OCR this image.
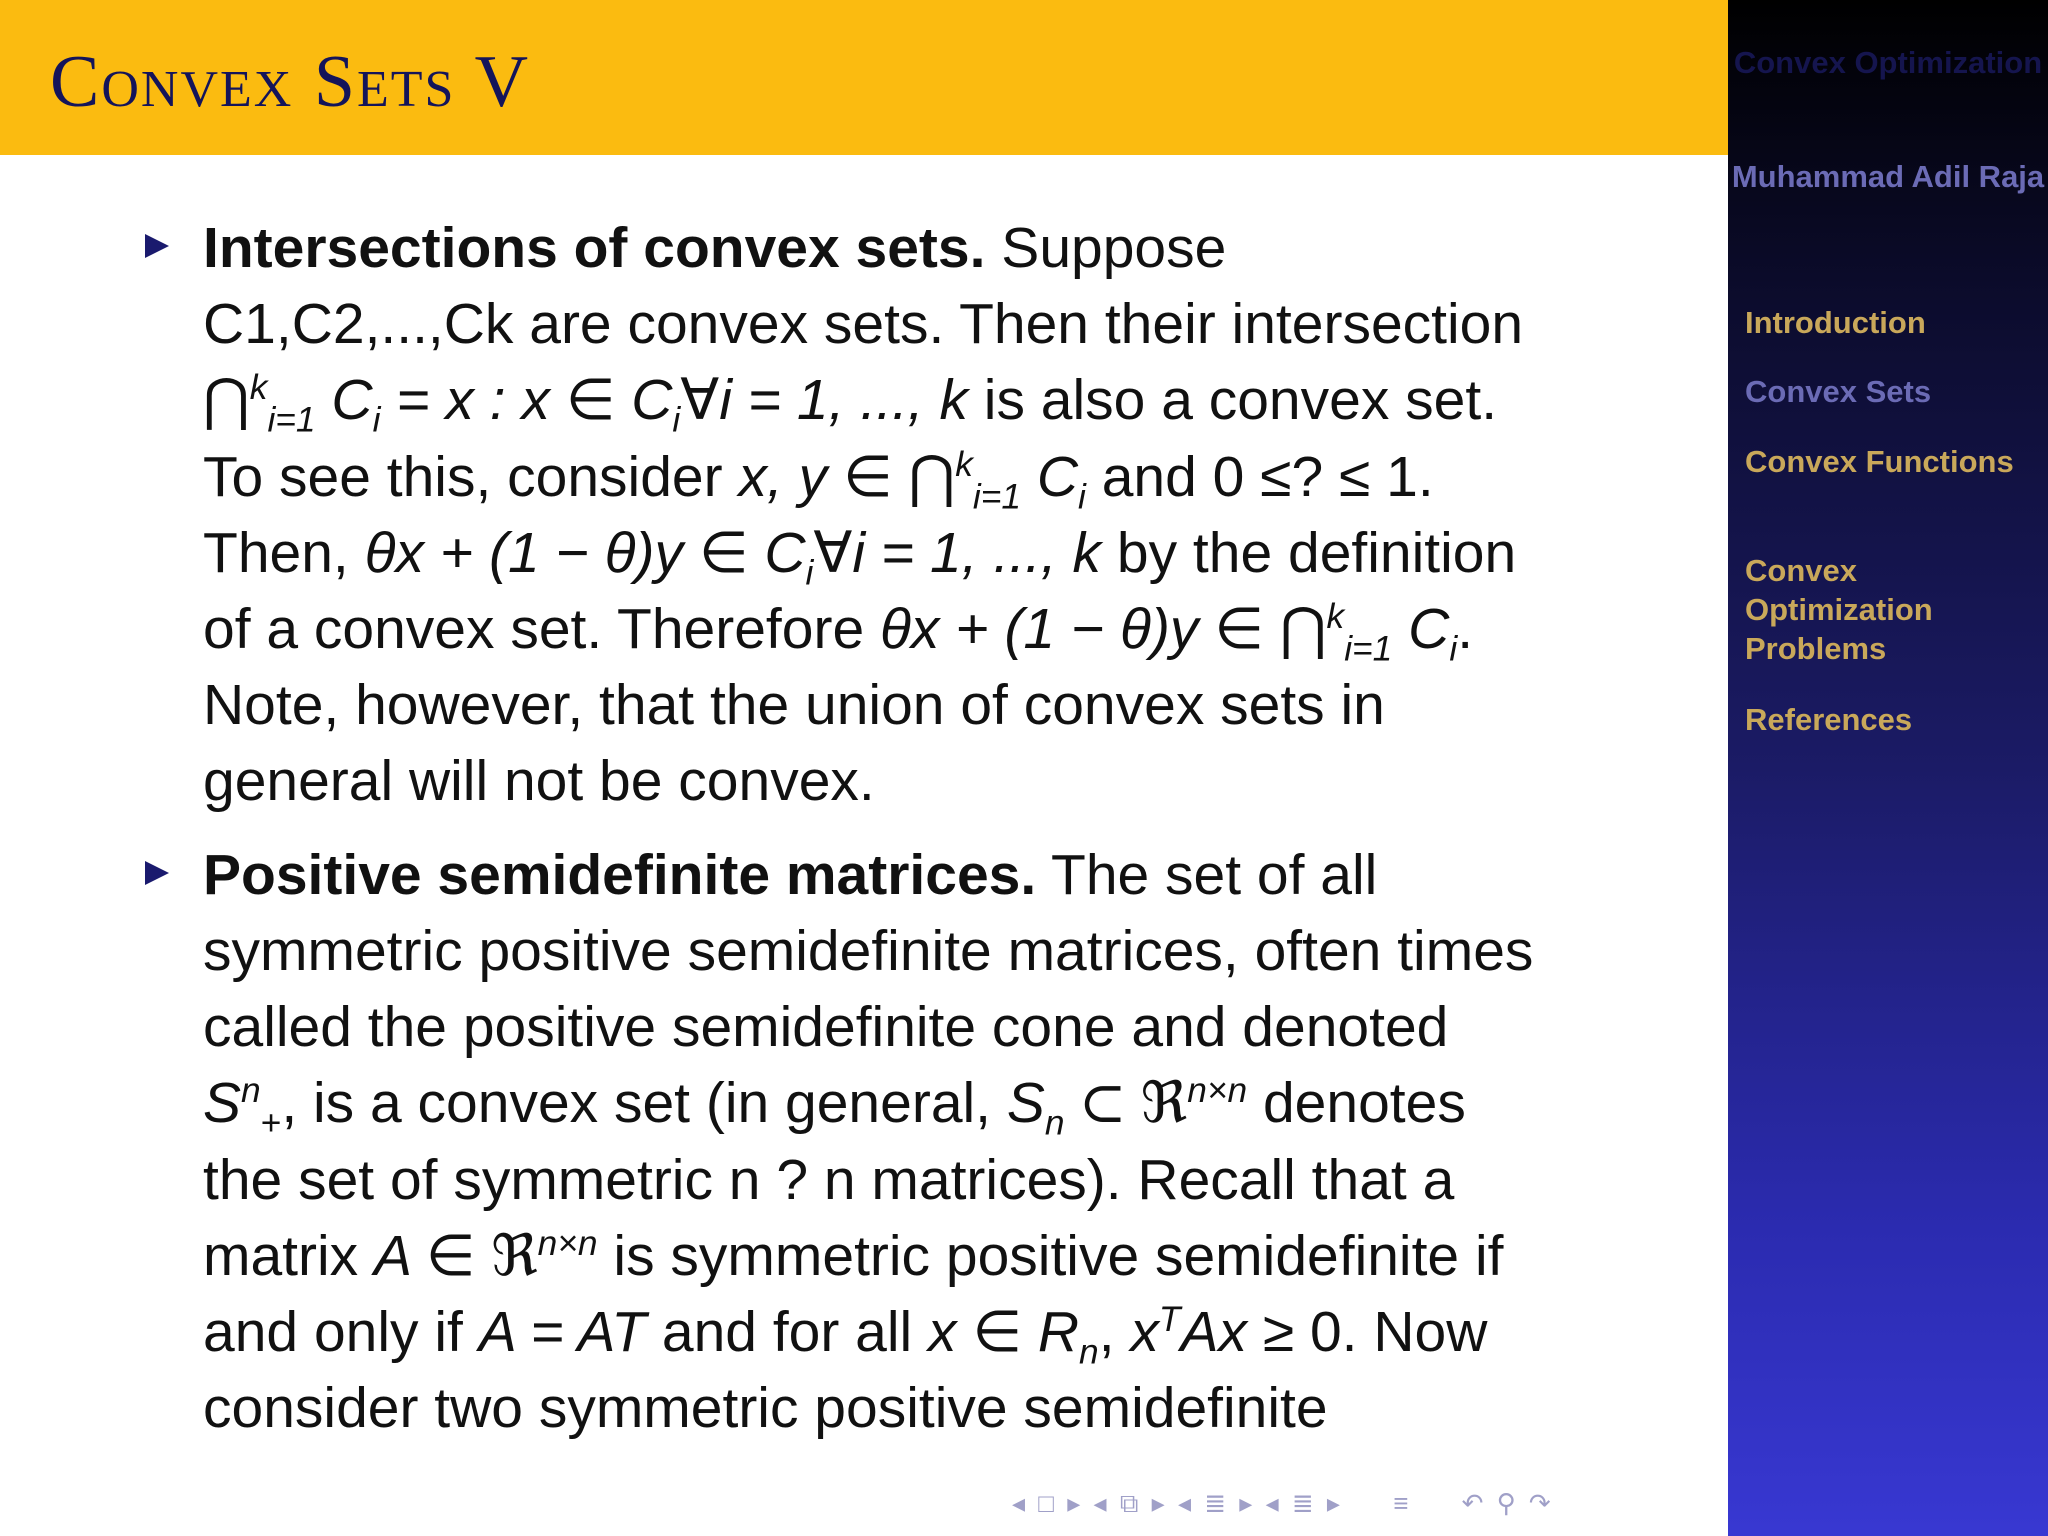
Convex Sets V	Convex Optimization
Muhammad Adil Raja
Introduction
Convex Sets
Convex Functions
Convex Optimization Problems
References
Intersections of convex sets. Suppose
C1,C2,...,Ck are convex sets. Then their intersection
⋂$^k_{i=1}$ $C_i = x$ : x ∈ $C_i\forall i = 1$, ..., k is also a convex set.
To see this, consider x, y ∈ ⋂$^k_{i=1}$ $C_i$ and 0 ≤? ≤ 1.
Then, θx + (1 − θ)y ∈ $C_i\forall i = 1$, ..., k by the definition
of a convex set. Therefore θx + (1 − θ)y ∈ ⋂$^k_{i=1}$ $C_i$.
Note, however, that the union of convex sets in
general will not be convex.
Positive semidefinite matrices. The set of all
symmetric positive semidefinite matrices, often times
called the positive semidefinite cone and denoted
$S^n_+$, is a convex set (in general, $S_n$ ⊂ ℜ$^{n\times n}$ denotes
the set of symmetric n ? n matrices). Recall that a
matrix A ∈ ℜ$^{n\times n}$ is symmetric positive semidefinite if
and only if A = AT and for all x ∈ $R_n$, $x^TAx \ge 0$. Now
consider two symmetric positive semidefinite
◂ □ ▸ ◂ ⧉ ▸ ◂ ≣ ▸ ◂ ≣ ▸ ≡ ↶ ⚲ ↷
